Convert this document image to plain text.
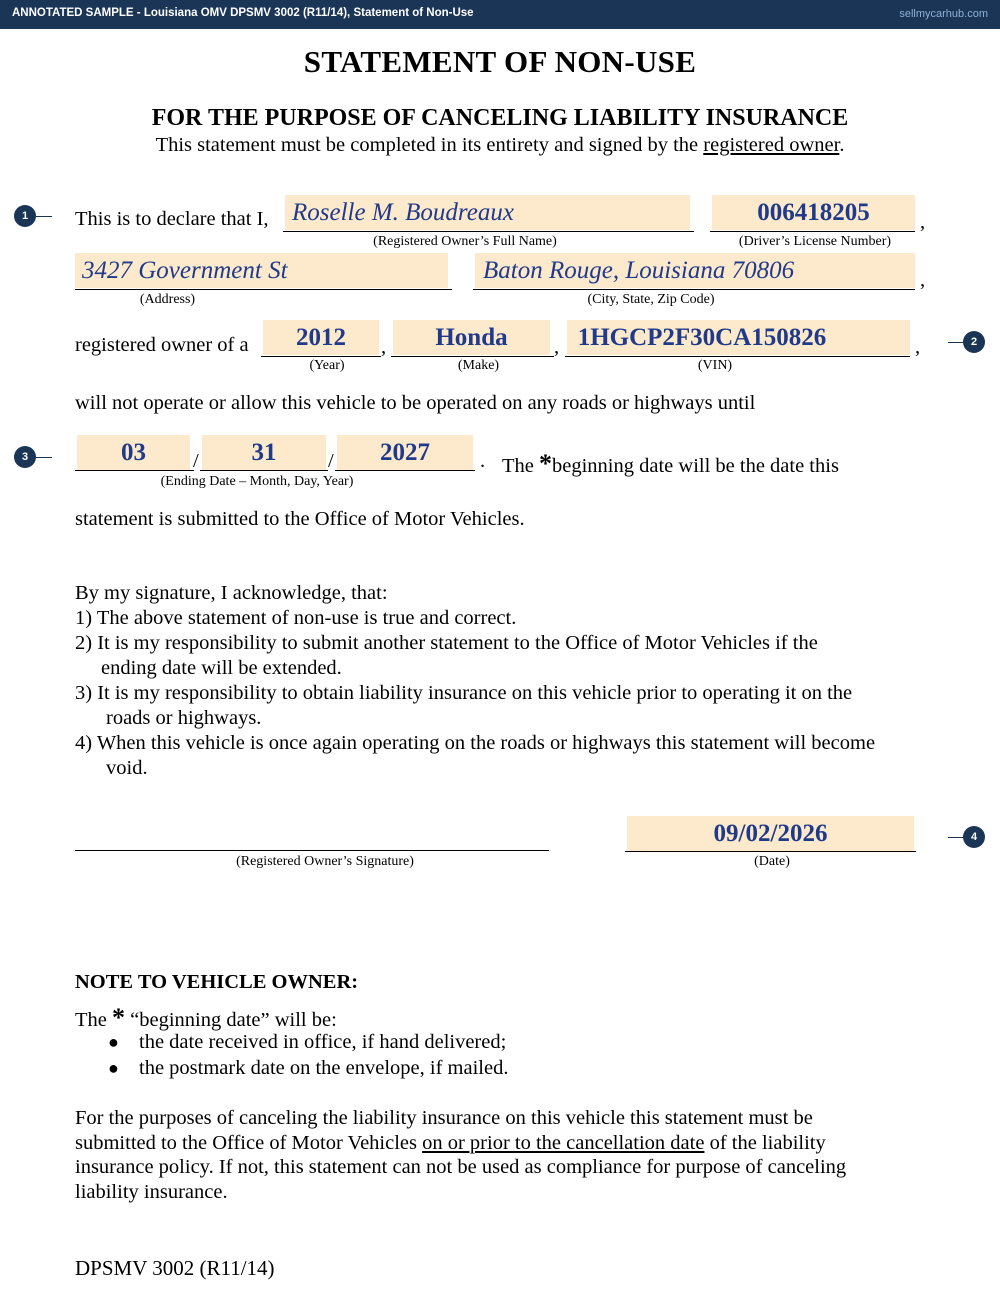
ANNOTATED SAMPLE - Louisiana OMV DPSMV 3002 (R11/14), Statement of Non-Use	sellmycarhub.com
STATEMENT OF NON-USE
FOR THE PURPOSE OF CANCELING LIABILITY INSURANCE
This statement must be completed in its entirety and signed by the registered owner.
1	This is to declare that I, Roselle M. Boudreaux
(Registered Owner’s Full Name)
006418205	,
(Driver’s License Number)
3427 Government St
(Address)
Baton Rouge, Louisiana 70806	,
(City, State, Zip Code)
registered owner of a	2012	,
(Year)
Honda	,
(Make)
1HGCP2F30CA150826	,
(VIN)
2
will not operate or allow this vehicle to be operated on any roads or highways until
3	03	/	31	/	2027	.
(Ending Date – Month, Day, Year)
The *beginning date will be the date this
statement is submitted to the Office of Motor Vehicles.
By my signature, I acknowledge, that:
1) The above statement of non-use is true and correct.
2) It is my responsibility to submit another statement to the Office of Motor Vehicles if the
ending date will be extended.
3) It is my responsibility to obtain liability insurance on this vehicle prior to operating it on the
roads or highways.
4) When this vehicle is once again operating on the roads or highways this statement will become
void.
(Registered Owner’s Signature)
09/02/2026
(Date)
4
NOTE TO VEHICLE OWNER:
The * “beginning date” will be:
● the date received in office, if hand delivered;
● the postmark date on the envelope, if mailed.
For the purposes of canceling the liability insurance on this vehicle this statement must be
submitted to the Office of Motor Vehicles on or prior to the cancellation date of the liability
insurance policy. If not, this statement can not be used as compliance for purpose of canceling
liability insurance.
DPSMV 3002 (R11/14)
